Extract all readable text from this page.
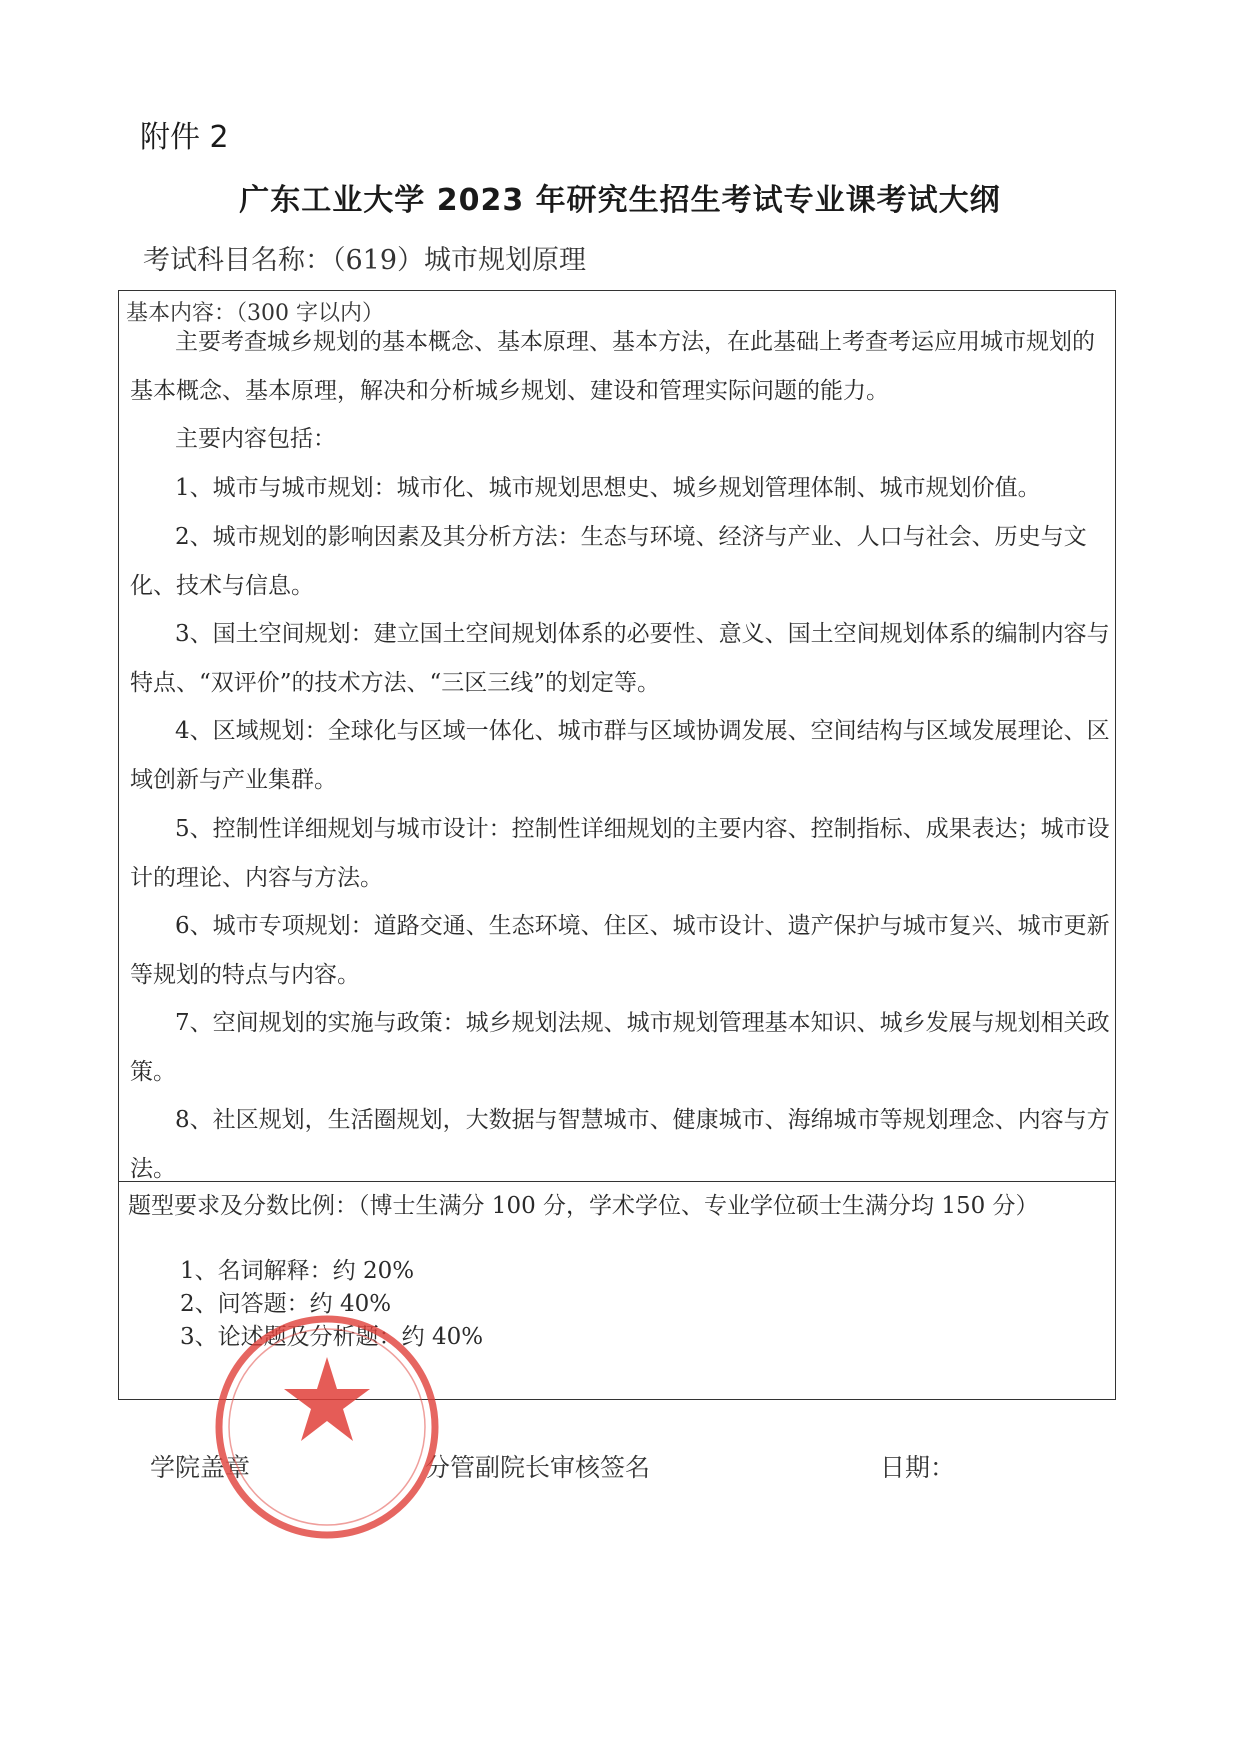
附件 2
广东工业大学 2023 年研究生招生考试专业课考试大纲
考试科目名称：（619）城市规划原理
基本内容：（300 字以内）

主要考查城乡规划的基本概念、基本原理、基本方法，在此基础上考查考运应用城市规划的基本概念、基本原理，解决和分析城乡规划、建设和管理实际问题的能力。

主要内容包括：

1、城市与城市规划：城市化、城市规划思想史、城乡规划管理体制、城市规划价值。

2、城市规划的影响因素及其分析方法：生态与环境、经济与产业、人口与社会、历史与文化、技术与信息。

3、国土空间规划：建立国土空间规划体系的必要性、意义、国土空间规划体系的编制内容与特点、“双评价”的技术方法、“三区三线”的划定等。

4、区域规划：全球化与区域一体化、城市群与区域协调发展、空间结构与区域发展理论、区域创新与产业集群。

5、控制性详细规划与城市设计：控制性详细规划的主要内容、控制指标、成果表达；城市设计的理论、内容与方法。

6、城市专项规划：道路交通、生态环境、住区、城市设计、遗产保护与城市复兴、城市更新等规划的特点与内容。

7、空间规划的实施与政策：城乡规划法规、城市规划管理基本知识、城乡发展与规划相关政策。

8、社区规划，生活圈规划，大数据与智慧城市、健康城市、海绵城市等规划理念、内容与方法。

题型要求及分数比例：（博士生满分 100 分，学术学位、专业学位硕士生满分均 150 分）
1、名词解释：约 20%
2、问答题：约 40%
3、论述题及分析题：约 40%
学院盖章	分管副院长审核签名	日期：
